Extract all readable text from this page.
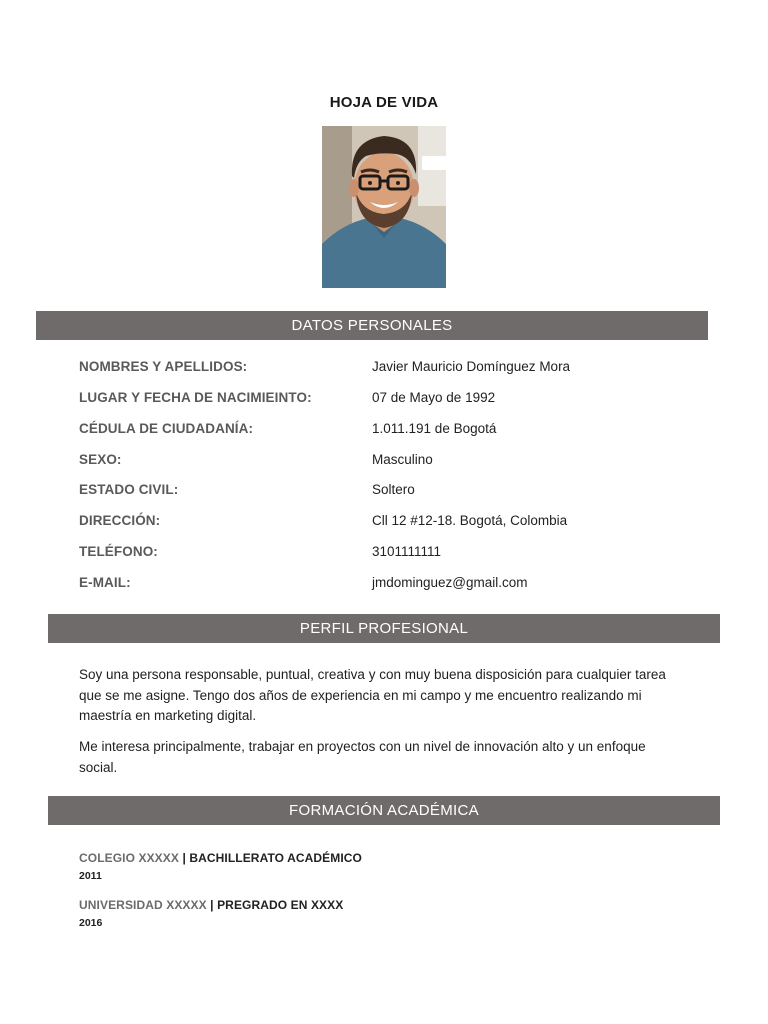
HOJA DE VIDA
DATOS PERSONALES
NOMBRES Y APELLIDOS:	Javier Mauricio Domínguez Mora
LUGAR Y FECHA DE NACIMIEINTO:	07 de Mayo de 1992
CÉDULA DE CIUDADANÍA:	1.011.191 de Bogotá
SEXO:	Masculino
ESTADO CIVIL:	Soltero
DIRECCIÓN:	Cll 12 #12-18. Bogotá, Colombia
TELÉFONO:	3101111111
E-MAIL:	jmdominguez@gmail.com
PERFIL PROFESIONAL
Soy una persona responsable, puntual, creativa y con muy buena disposición para cualquier tarea que se me asigne. Tengo dos años de experiencia en mi campo y me encuentro realizando mi maestría en marketing digital.
Me interesa principalmente, trabajar en proyectos con un nivel de innovación alto y un enfoque social.
FORMACIÓN ACADÉMICA
COLEGIO XXXXX | BACHILLERATO ACADÉMICO
2011
UNIVERSIDAD XXXXX | PREGRADO EN XXXX
2016
